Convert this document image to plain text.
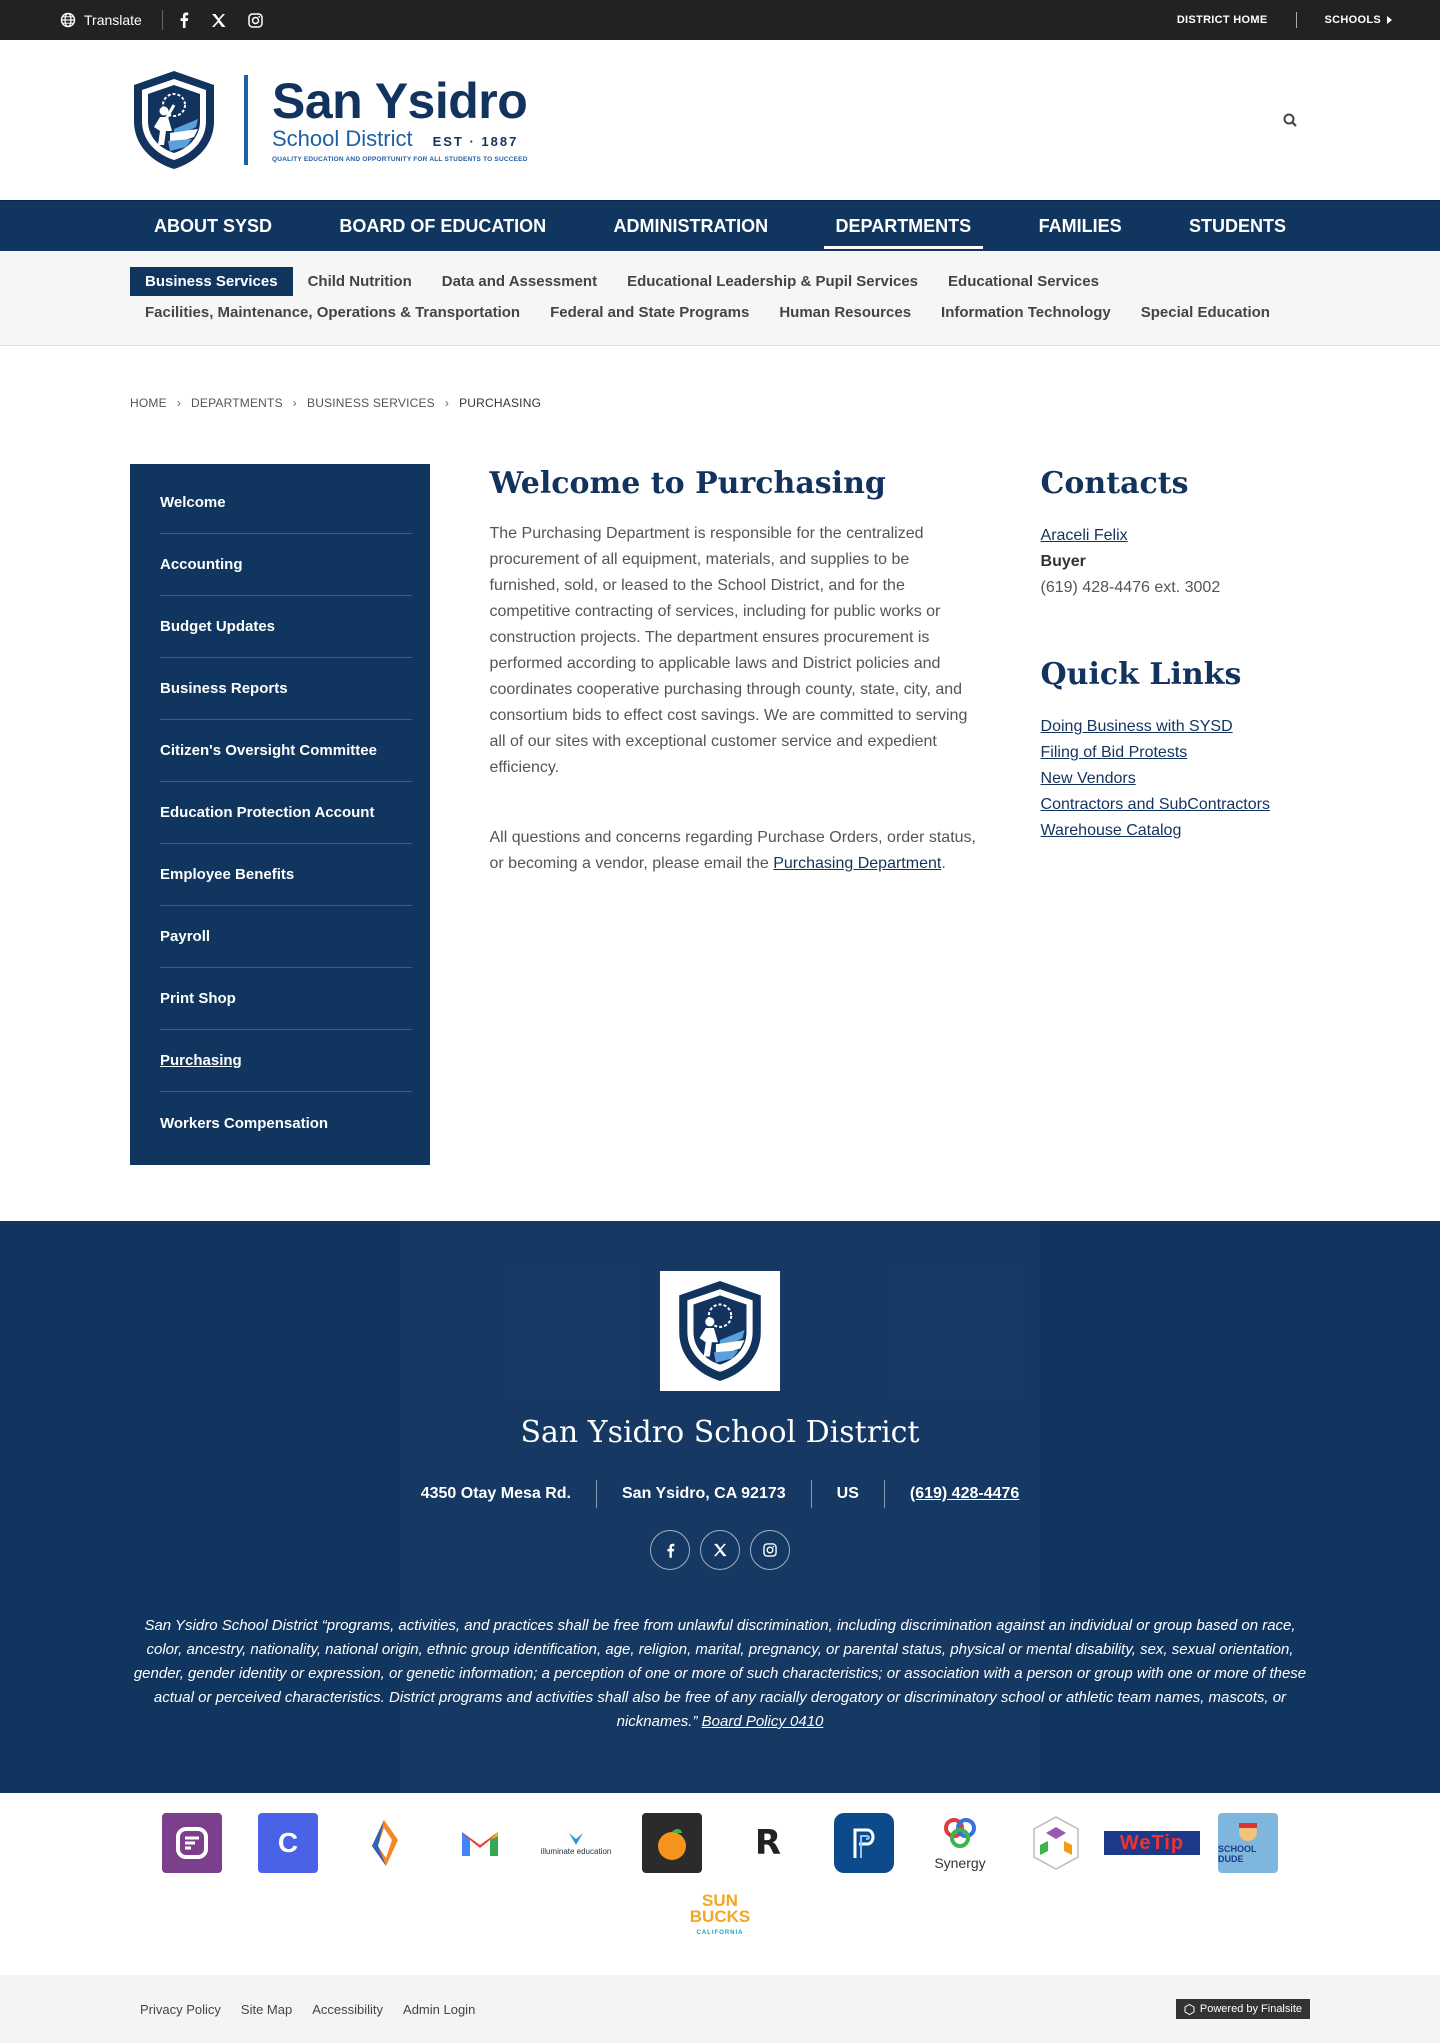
Translate	DISTRICT HOME	SCHOOLS
San Ysidro
School District EST · 1887
QUALITY EDUCATION AND OPPORTUNITY FOR ALL STUDENTS TO SUCCEED
ABOUT SYSD	BOARD OF EDUCATION	ADMINISTRATION	DEPARTMENTS	FAMILIES	STUDENTS
Business Services	Child Nutrition	Data and Assessment	Educational Leadership & Pupil Services	Educational Services
Facilities, Maintenance, Operations & Transportation	Federal and State Programs	Human Resources	Information Technology	Special Education
HOME › DEPARTMENTS › BUSINESS SERVICES › PURCHASING
Welcome
Accounting
Budget Updates
Business Reports
Citizen's Oversight Committee
Education Protection Account
Employee Benefits
Payroll
Print Shop
Purchasing
Workers Compensation
Welcome to Purchasing

The Purchasing Department is responsible for the centralized procurement of all equipment, materials, and supplies to be furnished, sold, or leased to the School District, and for the competitive contracting of services, including for public works or construction projects. The department ensures procurement is performed according to applicable laws and District policies and coordinates cooperative purchasing through county, state, city, and consortium bids to effect cost savings. We are committed to serving all of our sites with exceptional customer service and expedient efficiency.

All questions and concerns regarding Purchase Orders, order status, or becoming a vendor, please email the Purchasing Department.

Contacts
Araceli Felix
Buyer
(619) 428-4476 ext. 3002
Quick Links
Doing Business with SYSD
Filing of Bid Protests
New Vendors
Contractors and SubContractors
Warehouse Catalog
San Ysidro School District
4350 Otay Mesa Rd.	San Ysidro, CA 92173	US	(619) 428-4476
San Ysidro School District “programs, activities, and practices shall be free from unlawful discrimination, including discrimination against an individual or group based on race, color, ancestry, nationality, national origin, ethnic group identification, age, religion, marital, pregnancy, or parental status, physical or mental disability, sex, sexual orientation, gender, gender identity or expression, or genetic information; a perception of one or more of such characteristics; or association with a person or group with one or more of these actual or perceived characteristics. District programs and activities shall also be free of any racially derogatory or discriminatory school or athletic team names, mascots, or nicknames.” Board Policy 0410
C	illuminate education	R	Synergy
WeTip	SCHOOL DUDE
SUN BUCKS
CALIFORNIA
Privacy Policy Site Map Accessibility Admin Login	Powered by Finalsite
